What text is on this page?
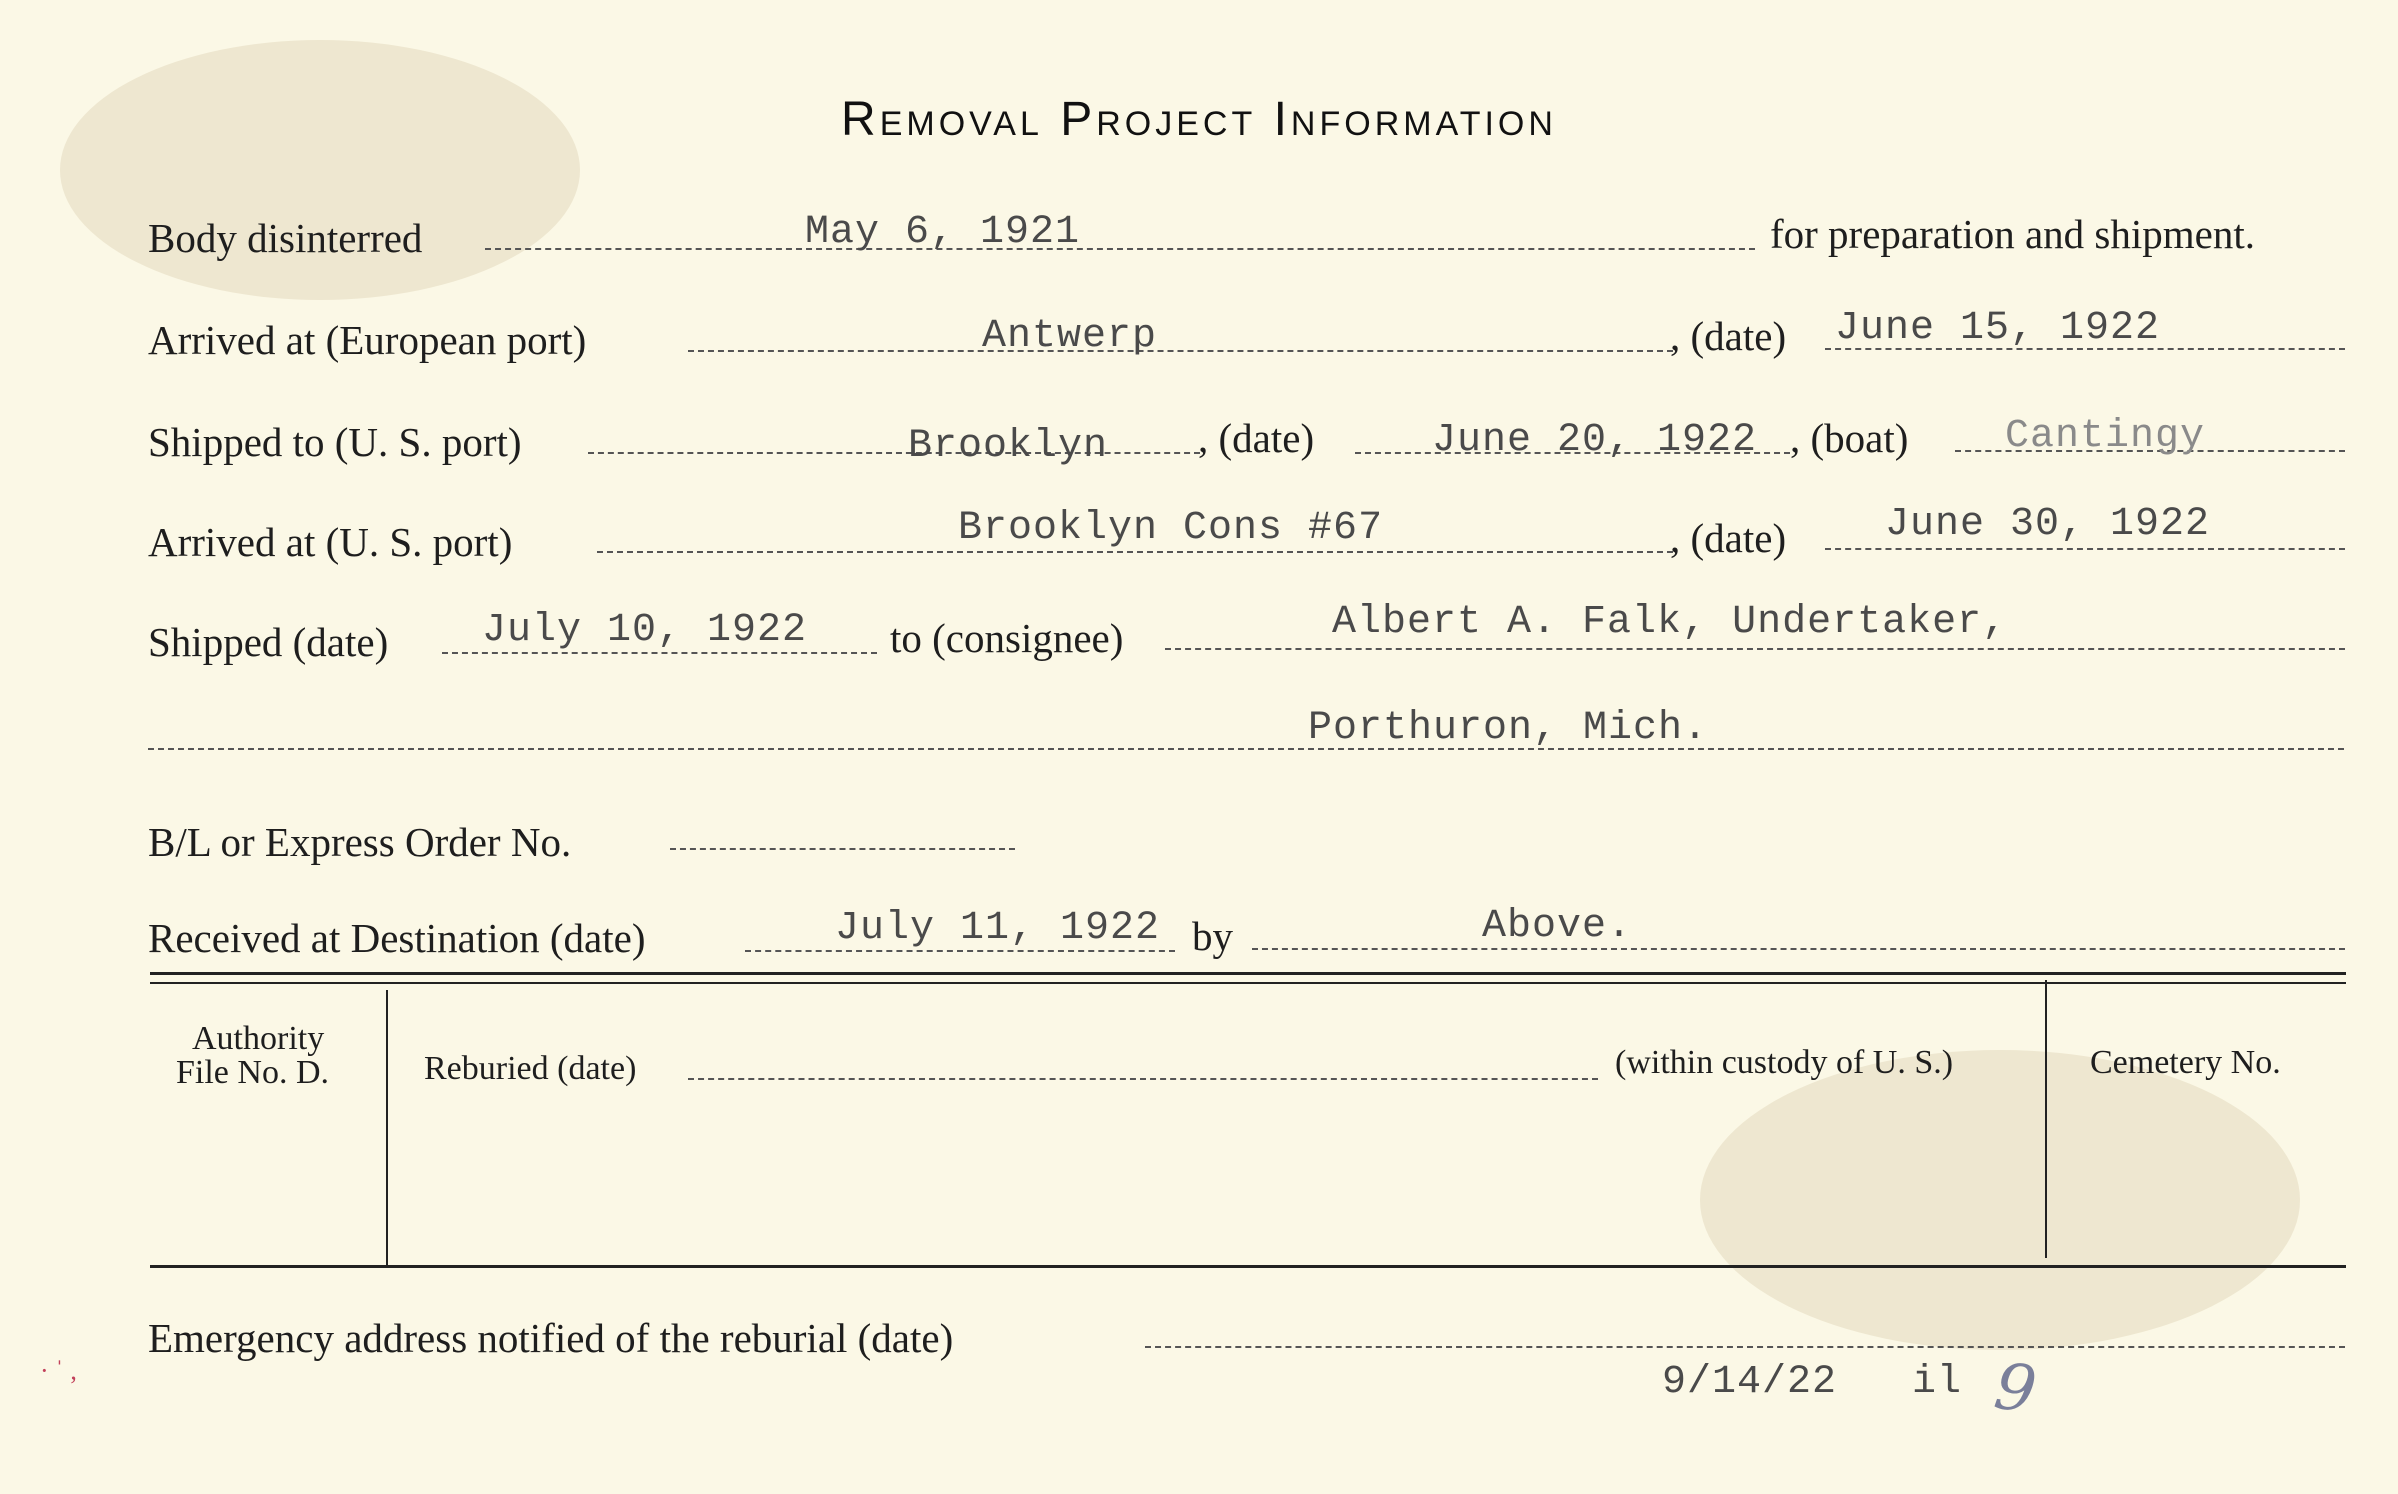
Removal Project Information
Body disinterred	May 6, 1921	for preparation and shipment.
Arrived at (European port)	Antwerp	, (date) June 15, 1922
Shipped to (U. S. port)	Brooklyn , (date)	June 20, 1922 , (boat) Cantingy
Arrived at (U. S. port)	Brooklyn Cons #67	, (date) June 30, 1922
Shipped (date) July 10, 1922 to (consignee)	Albert A. Falk, Undertaker,
Porthuron, Mich.
B/L or Express Order No.
Received at Destination (date)	July 11, 1922 by	Above.
Authority
File No. D.	Reburied (date)	(within custody of U. S.)	Cemetery No.
Emergency address notified of the reburial (date)
9/14/22 il 9
· ˈ ,
